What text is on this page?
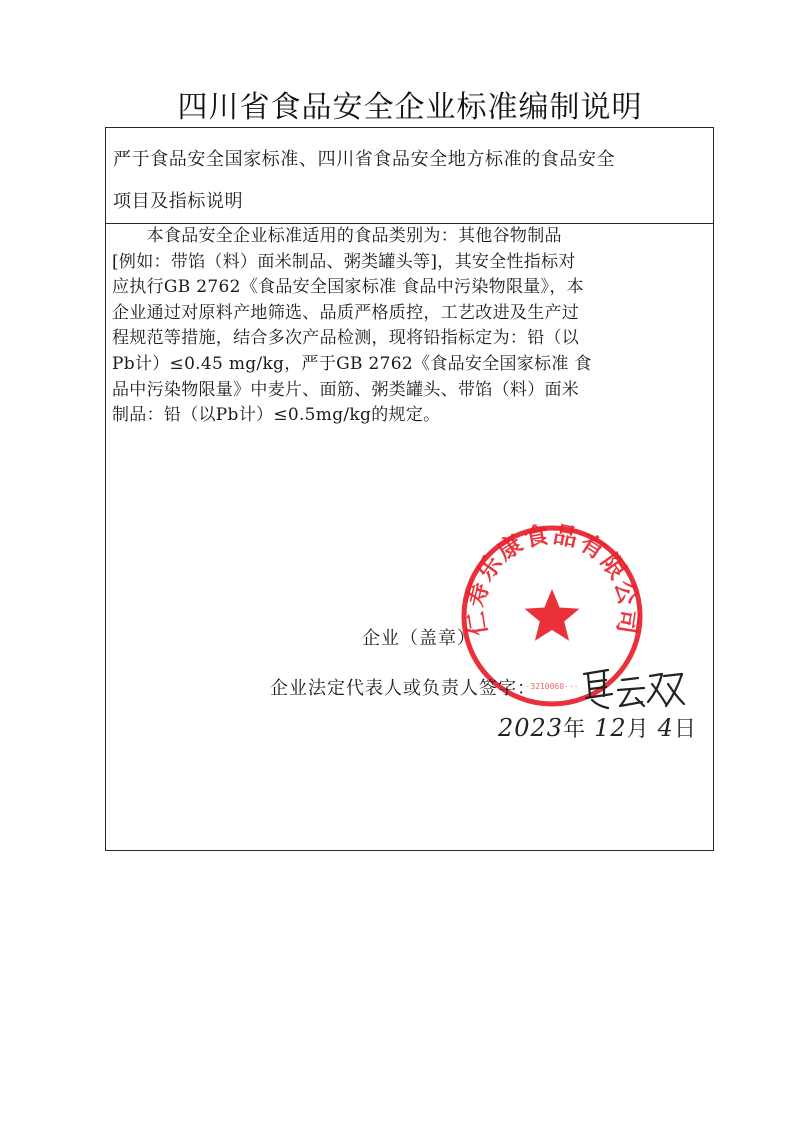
四川省食品安全企业标准编制说明
严于食品安全国家标准、四川省食品安全地方标准的食品安全
项目及指标说明
　　本食品安全企业标准适用的食品类别为：其他谷物制品
[例如：带馅（料）面米制品、粥类罐头等]，其安全性指标对
应执行GB 2762《食品安全国家标准 食品中污染物限量》，本
企业通过对原料产地筛选、品质严格质控，工艺改进及生产过
程规范等措施，结合多次产品检测，现将铅指标定为：铅（以
Pb计）≤0.45 mg/kg，严于GB 2762《食品安全国家标准 食
品中污染物限量》中麦片、面筋、粥类罐头、带馅（料）面米
制品：铅（以Pb计）≤0.5mg/kg的规定。
仁寿乐康食品有限公司
·3210060···
企业（盖章）
企业法定代表人或负责人签字：
2023年 12月 4日
